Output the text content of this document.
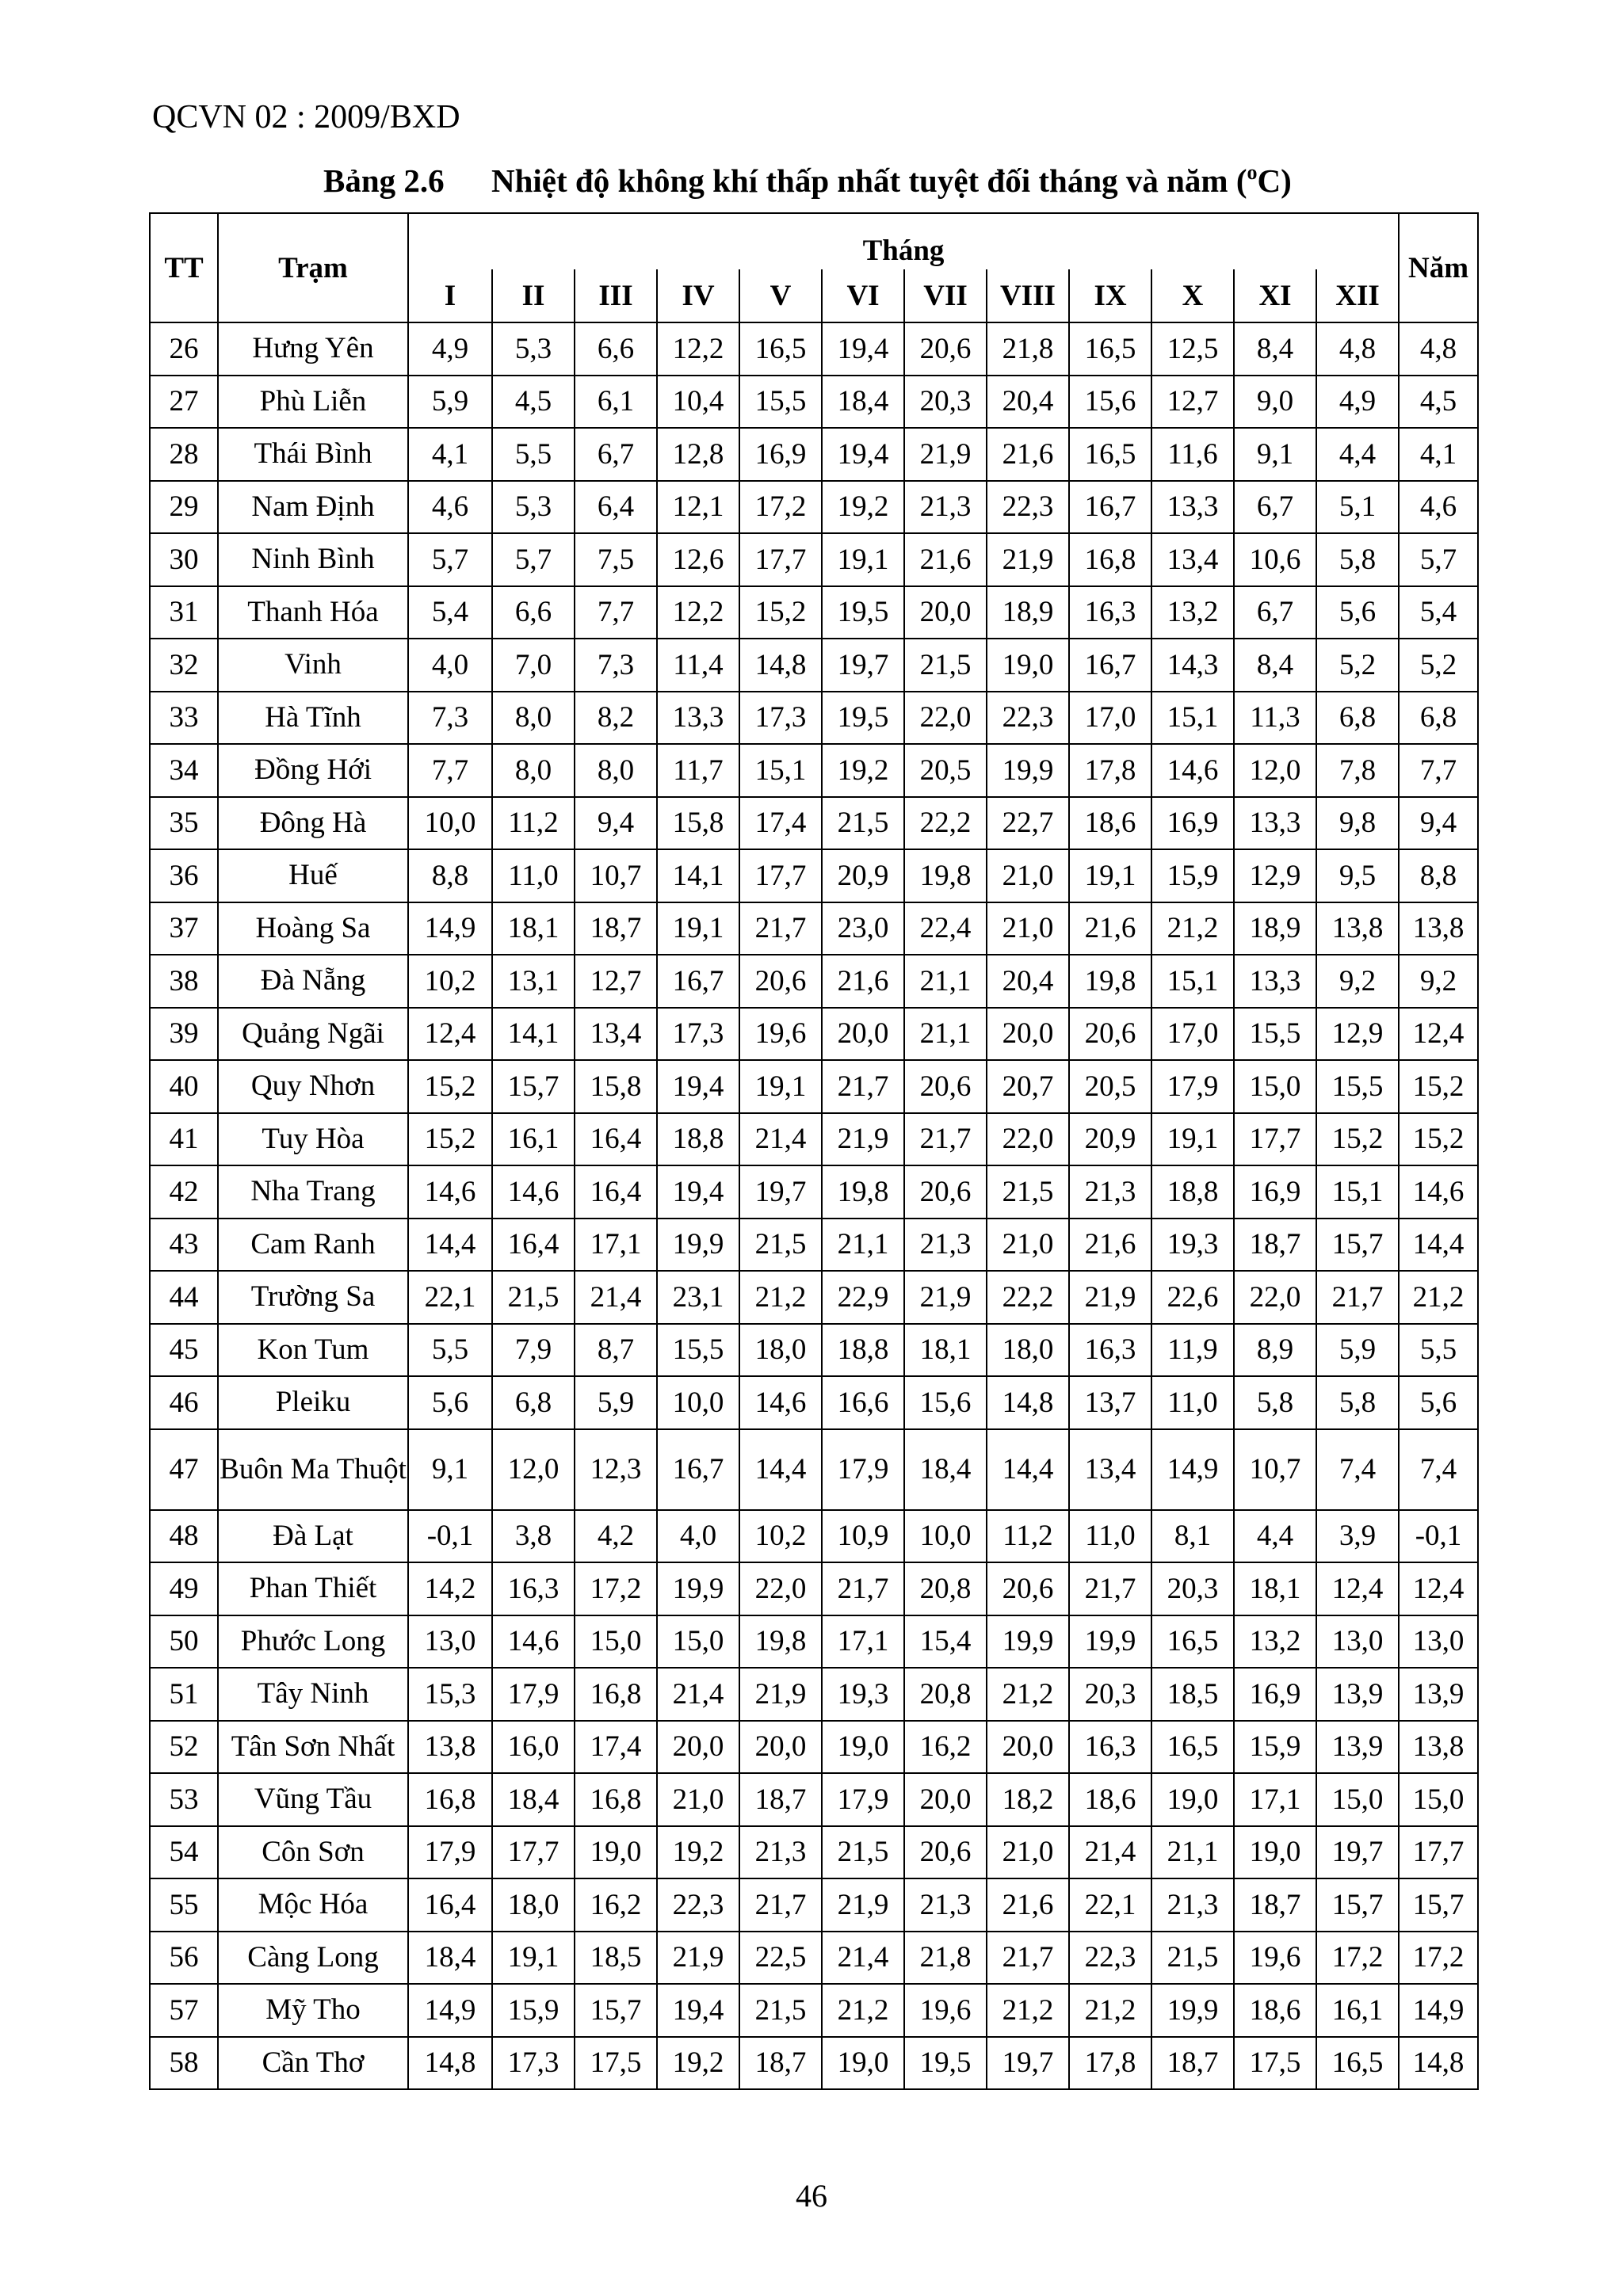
QCVN 02 : 2009/BXD
Bảng 2.6 Nhiệt độ không khí thấp nhất tuyệt đối tháng và năm ($^o$C)
TT	Trạm	Tháng												Năm
		I	II	III	IV	V	VI	VII	VIII	IX	X	XI	XII	
26	Hưng Yên	4,9	5,3	6,6	12,2	16,5	19,4	20,6	21,8	16,5	12,5	8,4	4,8	4,8
27	Phù Liễn	5,9	4,5	6,1	10,4	15,5	18,4	20,3	20,4	15,6	12,7	9,0	4,9	4,5
28	Thái Bình	4,1	5,5	6,7	12,8	16,9	19,4	21,9	21,6	16,5	11,6	9,1	4,4	4,1
29	Nam Định	4,6	5,3	6,4	12,1	17,2	19,2	21,3	22,3	16,7	13,3	6,7	5,1	4,6
30	Ninh Bình	5,7	5,7	7,5	12,6	17,7	19,1	21,6	21,9	16,8	13,4	10,6	5,8	5,7
31	Thanh Hóa	5,4	6,6	7,7	12,2	15,2	19,5	20,0	18,9	16,3	13,2	6,7	5,6	5,4
32	Vinh	4,0	7,0	7,3	11,4	14,8	19,7	21,5	19,0	16,7	14,3	8,4	5,2	5,2
33	Hà Tĩnh	7,3	8,0	8,2	13,3	17,3	19,5	22,0	22,3	17,0	15,1	11,3	6,8	6,8
34	Đồng Hới	7,7	8,0	8,0	11,7	15,1	19,2	20,5	19,9	17,8	14,6	12,0	7,8	7,7
35	Đông Hà	10,0	11,2	9,4	15,8	17,4	21,5	22,2	22,7	18,6	16,9	13,3	9,8	9,4
36	Huế	8,8	11,0	10,7	14,1	17,7	20,9	19,8	21,0	19,1	15,9	12,9	9,5	8,8
37	Hoàng Sa	14,9	18,1	18,7	19,1	21,7	23,0	22,4	21,0	21,6	21,2	18,9	13,8	13,8
38	Đà Nẵng	10,2	13,1	12,7	16,7	20,6	21,6	21,1	20,4	19,8	15,1	13,3	9,2	9,2
39	Quảng Ngãi	12,4	14,1	13,4	17,3	19,6	20,0	21,1	20,0	20,6	17,0	15,5	12,9	12,4
40	Quy Nhơn	15,2	15,7	15,8	19,4	19,1	21,7	20,6	20,7	20,5	17,9	15,0	15,5	15,2
41	Tuy Hòa	15,2	16,1	16,4	18,8	21,4	21,9	21,7	22,0	20,9	19,1	17,7	15,2	15,2
42	Nha Trang	14,6	14,6	16,4	19,4	19,7	19,8	20,6	21,5	21,3	18,8	16,9	15,1	14,6
43	Cam Ranh	14,4	16,4	17,1	19,9	21,5	21,1	21,3	21,0	21,6	19,3	18,7	15,7	14,4
44	Trường Sa	22,1	21,5	21,4	23,1	21,2	22,9	21,9	22,2	21,9	22,6	22,0	21,7	21,2
45	Kon Tum	5,5	7,9	8,7	15,5	18,0	18,8	18,1	18,0	16,3	11,9	8,9	5,9	5,5
46	Pleiku	5,6	6,8	5,9	10,0	14,6	16,6	15,6	14,8	13,7	11,0	5,8	5,8	5,6
47	Buôn Ma Thuột	9,1	12,0	12,3	16,7	14,4	17,9	18,4	14,4	13,4	14,9	10,7	7,4	7,4
48	Đà Lạt	-0,1	3,8	4,2	4,0	10,2	10,9	10,0	11,2	11,0	8,1	4,4	3,9	-0,1
49	Phan Thiết	14,2	16,3	17,2	19,9	22,0	21,7	20,8	20,6	21,7	20,3	18,1	12,4	12,4
50	Phước Long	13,0	14,6	15,0	15,0	19,8	17,1	15,4	19,9	19,9	16,5	13,2	13,0	13,0
51	Tây Ninh	15,3	17,9	16,8	21,4	21,9	19,3	20,8	21,2	20,3	18,5	16,9	13,9	13,9
52	Tân Sơn Nhất	13,8	16,0	17,4	20,0	20,0	19,0	16,2	20,0	16,3	16,5	15,9	13,9	13,8
53	Vũng Tầu	16,8	18,4	16,8	21,0	18,7	17,9	20,0	18,2	18,6	19,0	17,1	15,0	15,0
54	Côn Sơn	17,9	17,7	19,0	19,2	21,3	21,5	20,6	21,0	21,4	21,1	19,0	19,7	17,7
55	Mộc Hóa	16,4	18,0	16,2	22,3	21,7	21,9	21,3	21,6	22,1	21,3	18,7	15,7	15,7
56	Càng Long	18,4	19,1	18,5	21,9	22,5	21,4	21,8	21,7	22,3	21,5	19,6	17,2	17,2
57	Mỹ Tho	14,9	15,9	15,7	19,4	21,5	21,2	19,6	21,2	21,2	19,9	18,6	16,1	14,9
58	Cần Thơ	14,8	17,3	17,5	19,2	18,7	19,0	19,5	19,7	17,8	18,7	17,5	16,5	14,8
46
